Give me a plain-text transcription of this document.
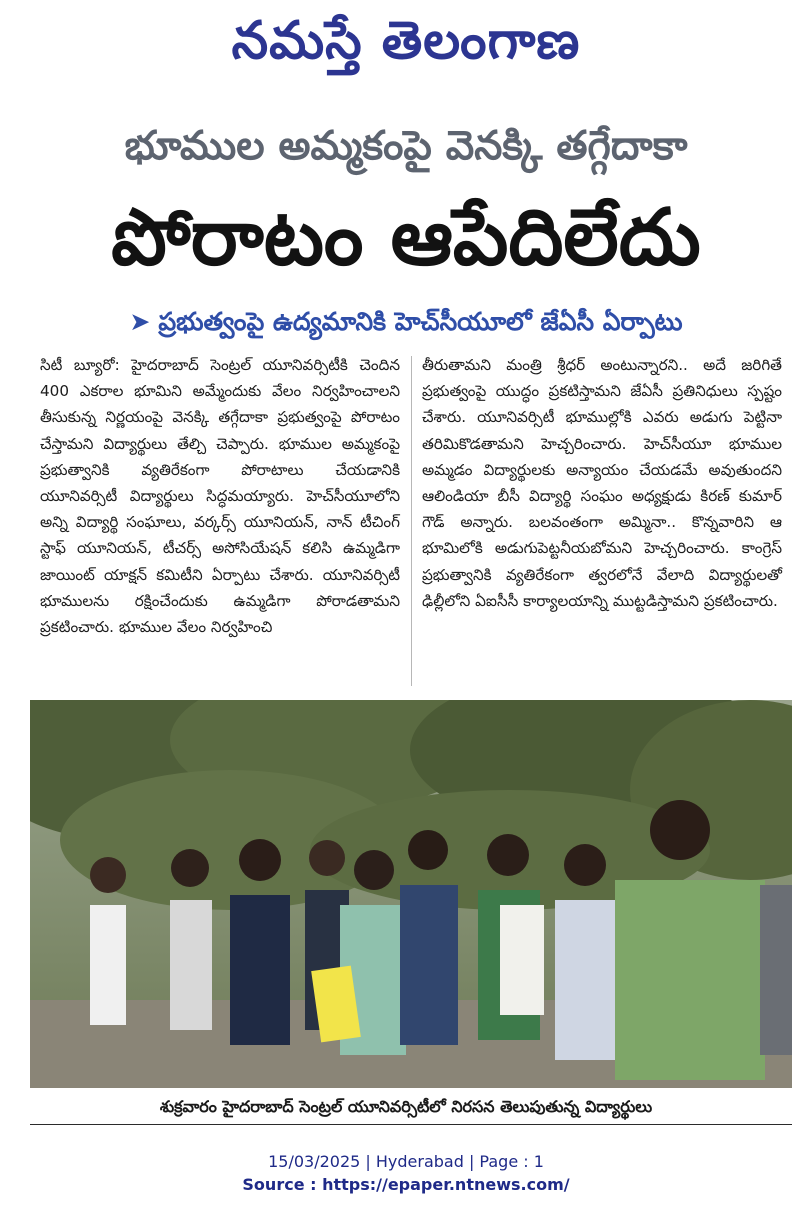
నమస్తే తెలంగాణ
భూముల అమ్మకంపై వెనక్కి తగ్గేదాకా
పోరాటం ఆపేదిలేదు
➤ ప్రభుత్వంపై ఉద్యమానికి హెచ్‌సీయూలో జేఏసీ ఏర్పాటు
సిటీ బ్యూరో: హైదరాబాద్ సెంట్రల్ యూనివర్సిటీకి చెందిన 400 ఎకరాల భూమిని అమ్మేందుకు వేలం నిర్వహించాలని తీసుకున్న నిర్ణయంపై వెనక్కి తగ్గేదాకా ప్రభుత్వంపై పోరాటం చేస్తామని విద్యార్థులు తేల్చి చెప్పారు. భూముల అమ్మకంపై ప్రభుత్వానికి వ్యతిరేకంగా పోరాటాలు చేయడానికి యూనివర్సిటీ విద్యార్థులు సిద్ధమయ్యారు. హెచ్‌సీయూలోని అన్ని విద్యార్థి సంఘాలు, వర్కర్స్ యూనియన్, నాన్ టీచింగ్ స్టాఫ్ యూనియన్, టీచర్స్ అసోసియేషన్ కలిసి ఉమ్మడిగా జాయింట్ యాక్షన్ కమిటీని ఏర్పాటు చేశారు. యూనివర్సిటీ భూములను రక్షించేందుకు ఉమ్మడిగా పోరాడతామని ప్రకటించారు. భూముల వేలం నిర్వహించి
తీరుతామని మంత్రి శ్రీధర్ అంటున్నారని.. అదే జరిగితే ప్రభుత్వంపై యుద్ధం ప్రకటిస్తామని జేఏసీ ప్రతినిధులు స్పష్టం చేశారు. యూనివర్సిటీ భూముల్లోకి ఎవరు అడుగు పెట్టినా తరిమికొడతామని హెచ్చరించారు. హెచ్‌సీయూ భూముల అమ్మడం విద్యార్థులకు అన్యాయం చేయడమే అవుతుందని ఆలిండియా బీసీ విద్యార్థి సంఘం అధ్యక్షుడు కిరణ్ కుమార్ గౌడ్ అన్నారు. బలవంతంగా అమ్మినా.. కొన్నవారిని ఆ భూమిలోకి అడుగుపెట్టనీయబోమని హెచ్చరించారు. కాంగ్రెస్ ప్రభుత్వానికి వ్యతిరేకంగా త్వరలోనే వేలాది విద్యార్థులతో ఢిల్లీలోని ఏఐసీసీ కార్యాలయాన్ని ముట్టడిస్తామని ప్రకటించారు.
శుక్రవారం హైదరాబాద్ సెంట్రల్ యూనివర్సిటీలో నిరసన తెలుపుతున్న విద్యార్థులు
15/03/2025 | Hyderabad | Page : 1
Source : https://epaper.ntnews.com/
